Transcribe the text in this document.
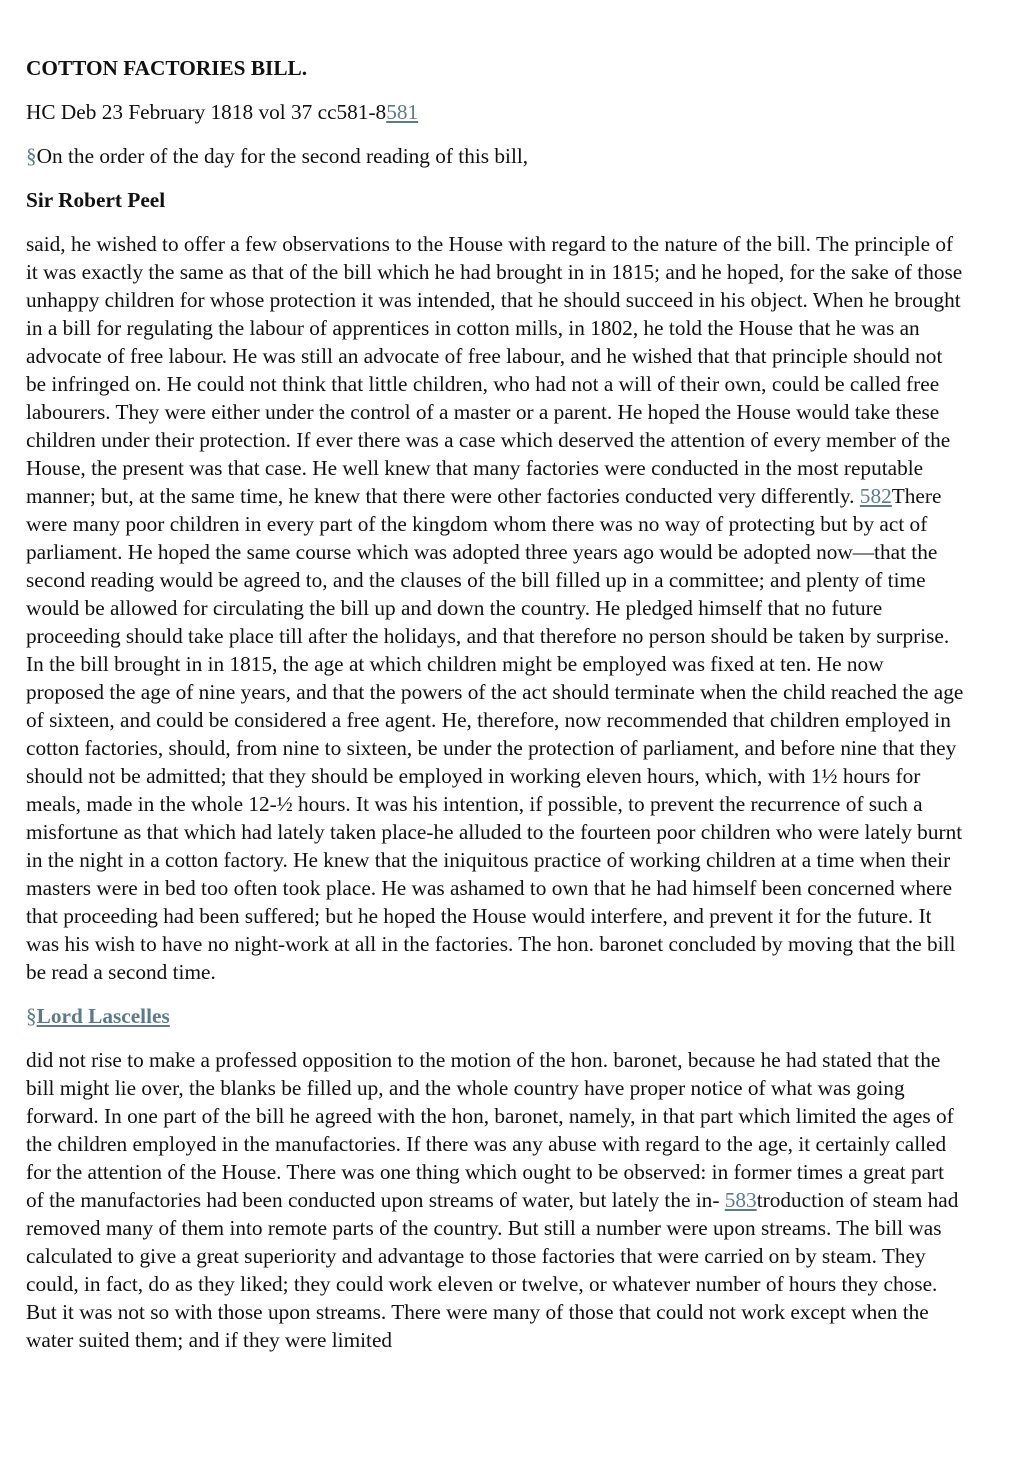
COTTON FACTORIES BILL.

HC Deb 23 February 1818 vol 37 cc581-8581

§On the order of the day for the second reading of this bill,

Sir Robert Peel

said, he wished to offer a few observations to the House with regard to the nature of the bill. The principle of it was exactly the same as that of the bill which he had brought in in 1815; and he hoped, for the sake of those unhappy children for whose protection it was intended, that he should succeed in his object. When he brought in a bill for regulating the labour of apprentices in cotton mills, in 1802, he told the House that he was an advocate of free labour. He was still an advocate of free labour, and he wished that that principle should not be infringed on. He could not think that little children, who had not a will of their own, could be called free labourers. They were either under the control of a master or a parent. He hoped the House would take these children under their protection. If ever there was a case which deserved the attention of every member of the House, the present was that case. He well knew that many factories were conducted in the most reputable manner; but, at the same time, he knew that there were other factories conducted very differently. 582There were many poor children in every part of the kingdom whom there was no way of protecting but by act of parliament. He hoped the same course which was adopted three years ago would be adopted now—that the second reading would be agreed to, and the clauses of the bill filled up in a committee; and plenty of time would be allowed for circulating the bill up and down the country. He pledged himself that no future proceeding should take place till after the holidays, and that therefore no person should be taken by surprise. In the bill brought in in 1815, the age at which children might be employed was fixed at ten. He now proposed the age of nine years, and that the powers of the act should terminate when the child reached the age of sixteen, and could be considered a free agent. He, therefore, now recommended that children employed in cotton factories, should, from nine to sixteen, be under the protection of parliament, and before nine that they should not be admitted; that they should be employed in working eleven hours, which, with 1½ hours for meals, made in the whole 12-½ hours. It was his intention, if possible, to prevent the recurrence of such a misfortune as that which had lately taken place-he alluded to the fourteen poor children who were lately burnt in the night in a cotton factory. He knew that the iniquitous practice of working children at a time when their masters were in bed too often took place. He was ashamed to own that he had himself been concerned where that proceeding had been suffered; but he hoped the House would interfere, and prevent it for the future. It was his wish to have no night-work at all in the factories. The hon. baronet concluded by moving that the bill be read a second time.

§Lord Lascelles

did not rise to make a professed opposition to the motion of the hon. baronet, because he had stated that the bill might lie over, the blanks be filled up, and the whole country have proper notice of what was going forward. In one part of the bill he agreed with the hon, baronet, namely, in that part which limited the ages of the children employed in the manufactories. If there was any abuse with regard to the age, it certainly called for the attention of the House. There was one thing which ought to be observed: in former times a great part of the manufactories had been conducted upon streams of water, but lately the in- 583troduction of steam had removed many of them into remote parts of the country. But still a number were upon streams. The bill was calculated to give a great superiority and advantage to those factories that were carried on by steam. They could, in fact, do as they liked; they could work eleven or twelve, or whatever number of hours they chose. But it was not so with those upon streams. There were many of those that could not work except when the water suited them; and if they were limited
